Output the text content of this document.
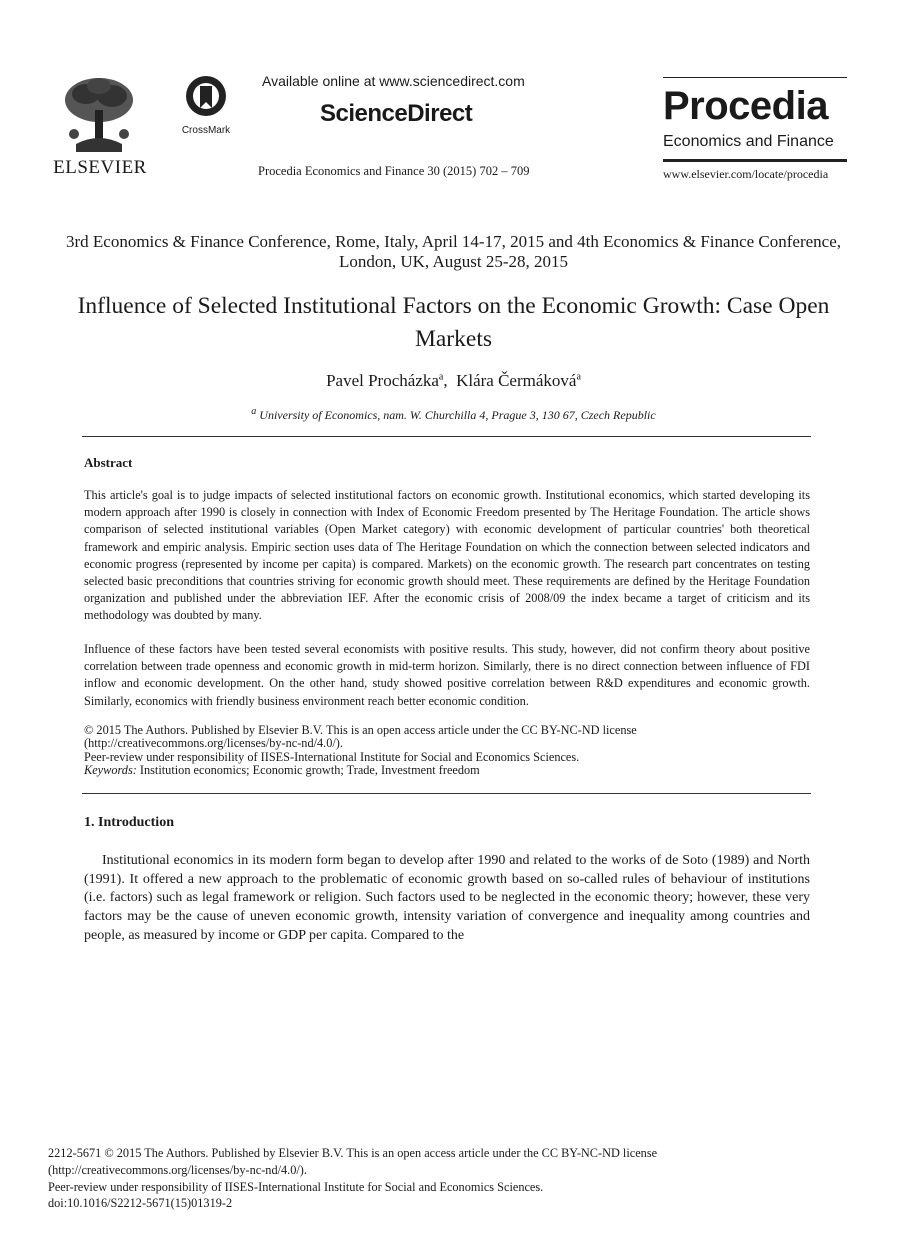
ELSEVIER
CrossMark
Available online at www.sciencedirect.com
ScienceDirect
Procedia Economics and Finance 30 (2015) 702 – 709
Procedia
Economics and Finance
www.elsevier.com/locate/procedia
3rd Economics & Finance Conference, Rome, Italy, April 14-17, 2015 and 4th Economics & Finance Conference, London, UK, August 25-28, 2015
Influence of Selected Institutional Factors on the Economic Growth: Case Open Markets
Pavel Procházka$^a$,  Klára Čermáková$^a$
$^a$ University of Economics, nam. W. Churchilla 4, Prague 3, 130 67, Czech Republic
Abstract
This article's goal is to judge impacts of selected institutional factors on economic growth. Institutional economics, which started developing its modern approach after 1990 is closely in connection with Index of Economic Freedom presented by The Heritage Foundation. The article shows comparison of selected institutional variables (Open Market category) with economic development of particular countries' both theoretical framework and empiric analysis. Empiric section uses data of The Heritage Foundation on which the connection between selected indicators and economic progress (represented by income per capita) is compared. Markets) on the economic growth. The research part concentrates on testing selected basic preconditions that countries striving for economic growth should meet. These requirements are defined by the Heritage Foundation organization and published under the abbreviation IEF. After the economic crisis of 2008/09 the index became a target of criticism and its methodology was doubted by many.
Influence of these factors have been tested several economists with positive results. This study, however, did not confirm theory about positive correlation between trade openness and economic growth in mid-term horizon. Similarly, there is no direct connection between influence of FDI inflow and economic development. On the other hand, study showed positive correlation between R&D expenditures and economic growth. Similarly, economics with friendly business environment reach better economic condition.
© 2015 The Authors. Published by Elsevier B.V. This is an open access article under the CC BY-NC-ND license
(http://creativecommons.org/licenses/by-nc-nd/4.0/).
Peer-review under responsibility of IISES-International Institute for Social and Economics Sciences.
Keywords: Institution economics; Economic growth; Trade, Investment freedom
1. Introduction
Institutional economics in its modern form began to develop after 1990 and related to the works of de Soto (1989) and North (1991). It offered a new approach to the problematic of economic growth based on so-called rules of behaviour of institutions (i.e. factors) such as legal framework or religion. Such factors used to be neglected in the economic theory; however, these very factors may be the cause of uneven economic growth, intensity variation of convergence and inequality among countries and people, as measured by income or GDP per capita. Compared to the
2212-5671 © 2015 The Authors. Published by Elsevier B.V. This is an open access article under the CC BY-NC-ND license
(http://creativecommons.org/licenses/by-nc-nd/4.0/).
Peer-review under responsibility of IISES-International Institute for Social and Economics Sciences.
doi:10.1016/S2212-5671(15)01319-2
